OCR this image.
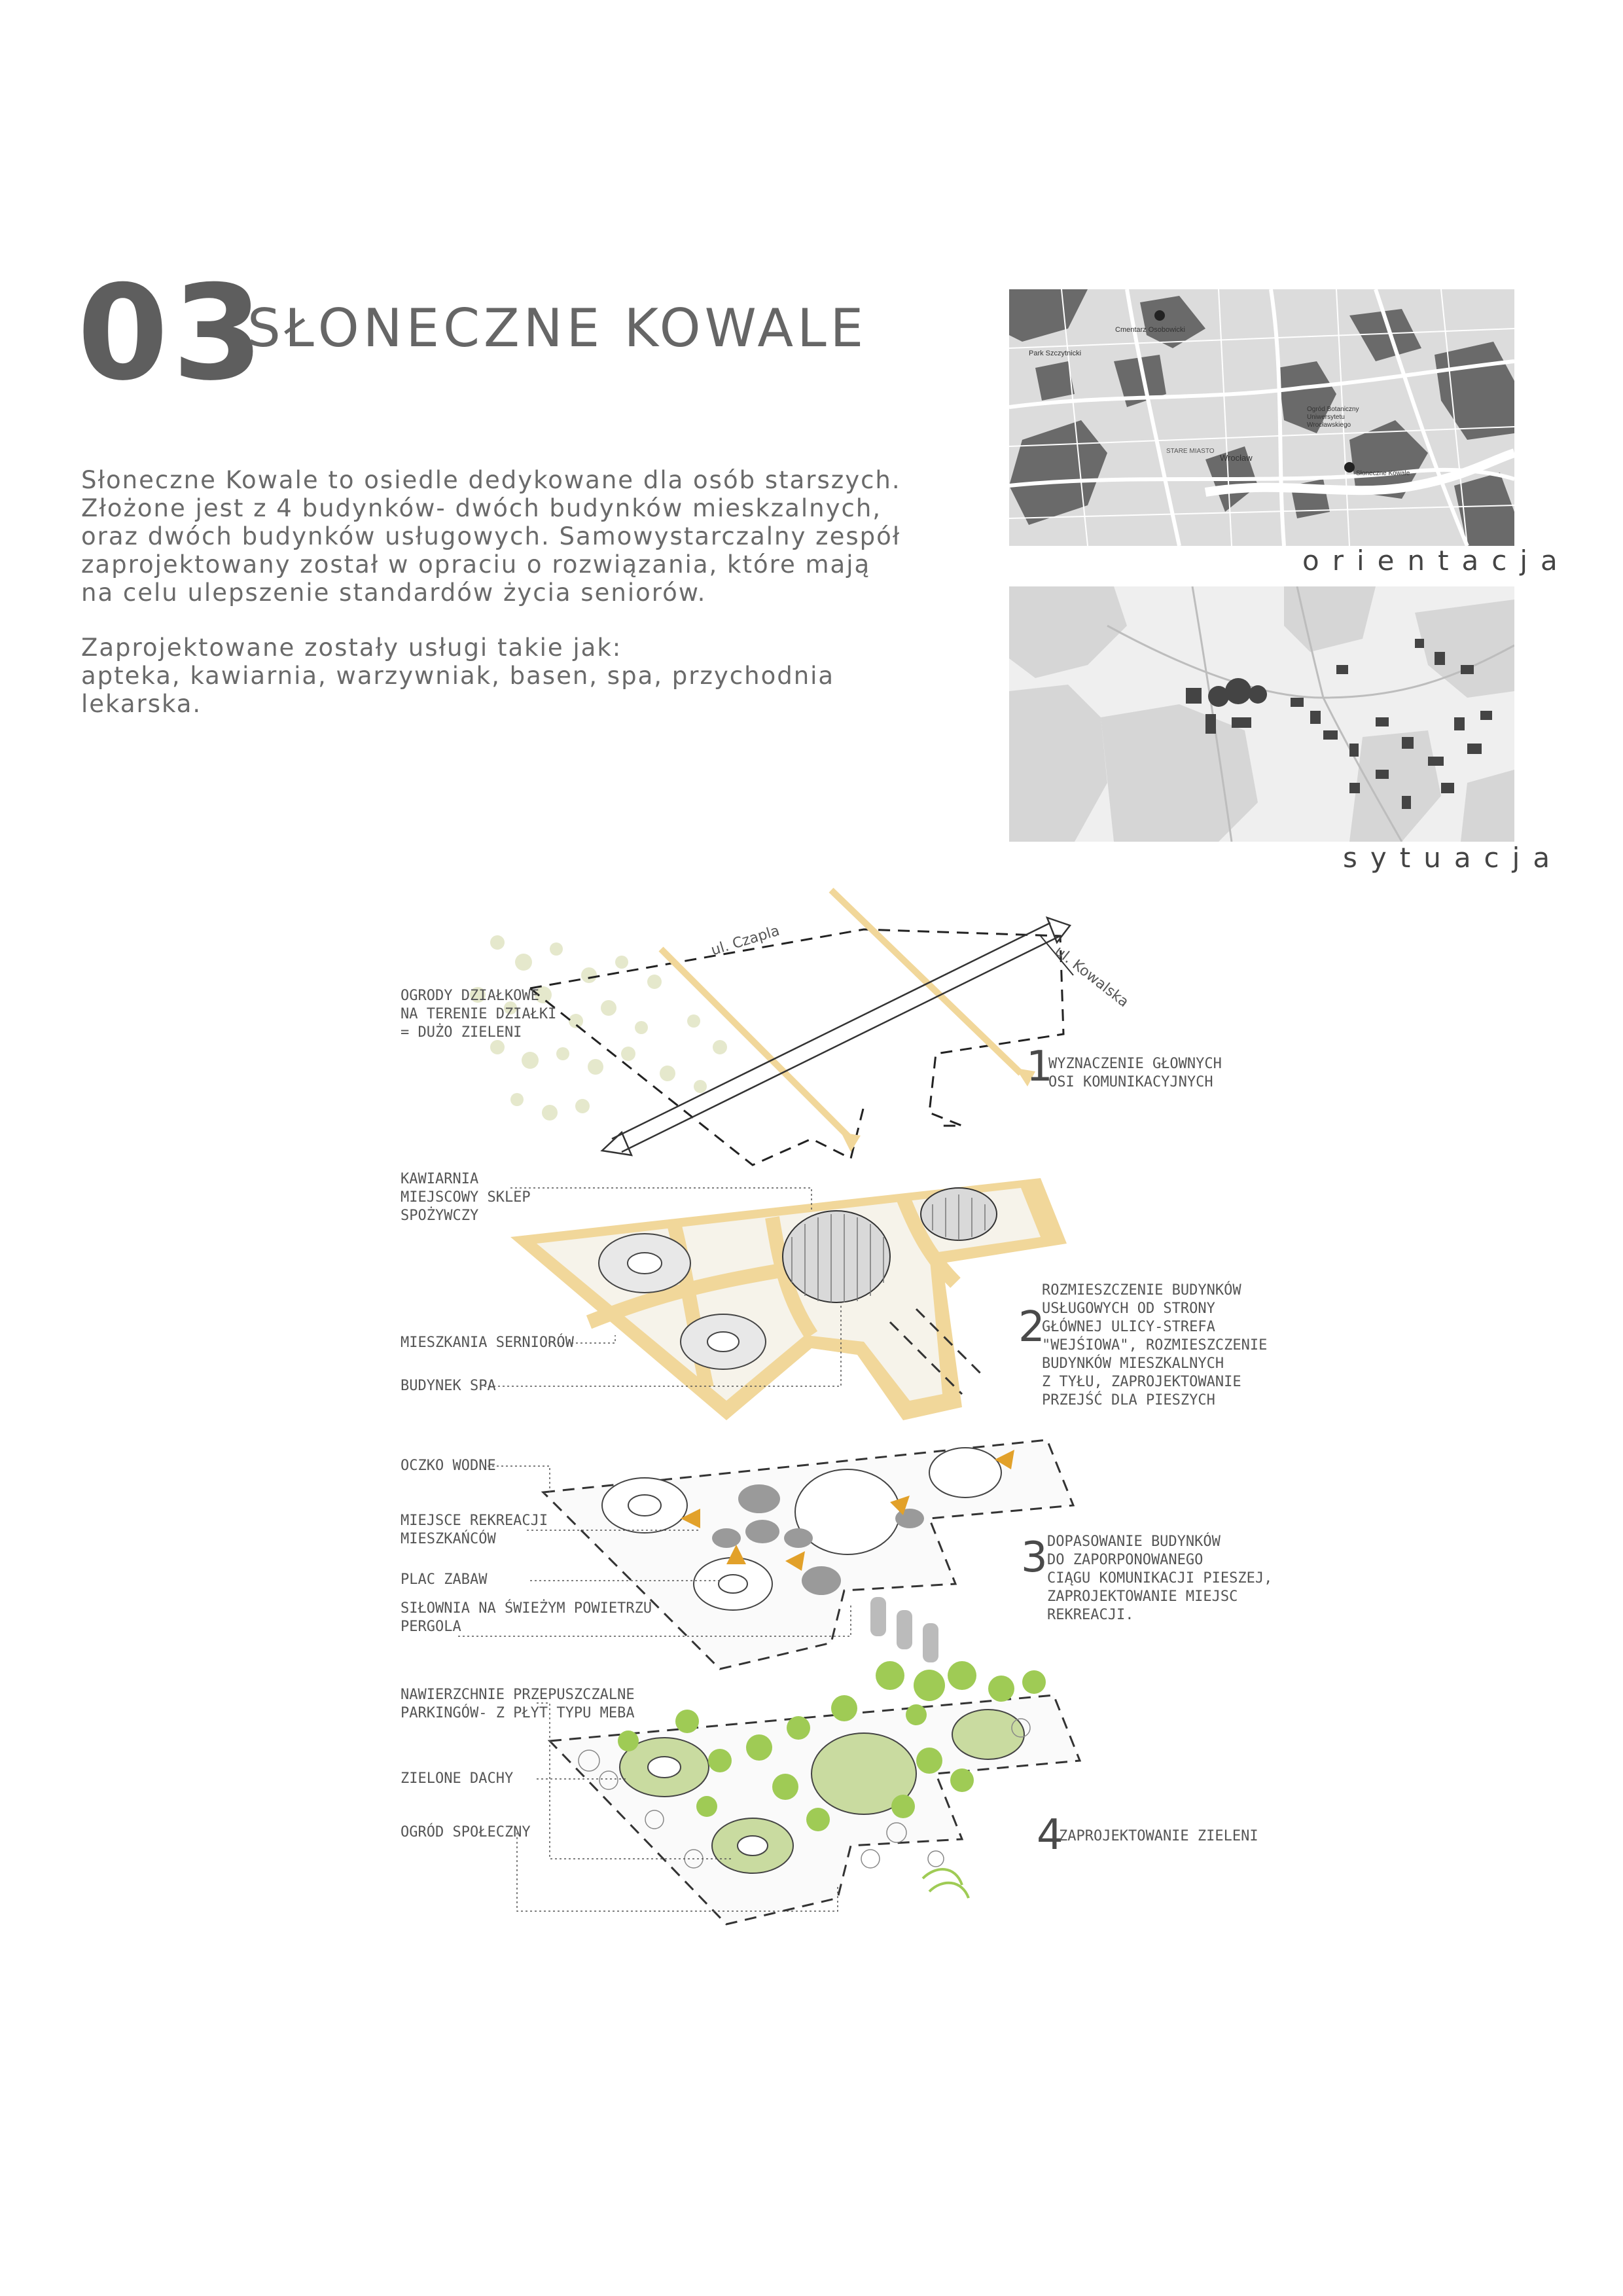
03
SŁONECZNE KOWALE
Słoneczne Kowale to osiedle dedykowane dla osób starszych.
Złożone jest z 4 budynków- dwóch budynków mieskzalnych,
oraz dwóch budynków usługowych. Samowystarczalny zespół
zaprojektowany został w opraciu o rozwiązania, które mają
na celu ulepszenie standardów życia seniorów.
Zaprojektowane zostały usługi takie jak:
apteka, kawiarnia, warzywniak, basen, spa, przychodnia
lekarska.
Cmentarz Osobowicki
Park Szczytnicki
Ogród Botaniczny Uniwersytetu Wrocławskiego
Wrocław
STARE MIASTO
Słoneczne Kowale
orientacja
sytuacja
ul. Czapla
ul. Kowalska
OGRODY DZIAŁKOWE
NA TERENIE DZIAŁKI
= DUŻO ZIELENI
KAWIARNIA
MIEJSCOWY SKLEP
SPOŻYWCZY
MIESZKANIA SERNIORÓW
BUDYNEK SPA
OCZKO WODNE
MIEJSCE REKREACJI
MIESZKAŃCÓW
PLAC ZABAW
SIŁOWNIA NA ŚWIEŻYM POWIETRZU
PERGOLA
NAWIERZCHNIE PRZEPUSZCZALNE
PARKINGÓW- Z PŁYT TYPU MEBA
ZIELONE DACHY
OGRÓD SPOŁECZNY
1
WYZNACZENIE GŁOWNYCH
OSI KOMUNIKACYJNYCH
2
ROZMIESZCZENIE BUDYNKÓW
USŁUGOWYCH OD STRONY
GŁÓWNEJ ULICY-STREFA
"WEJŚIOWA", ROZMIESZCZENIE
BUDYNKÓW MIESZKALNYCH
Z TYŁU, ZAPROJEKTOWANIE
PRZEJŚĆ DLA PIESZYCH
3 DOPASOWANIE BUDYNKÓW
DO ZAPORPONOWANEGO
CIĄGU KOMUNIKACJI PIESZEJ,
ZAPROJEKTOWANIE MIEJSC
REKREACJI.
4
ZAPROJEKTOWANIE ZIELENI
